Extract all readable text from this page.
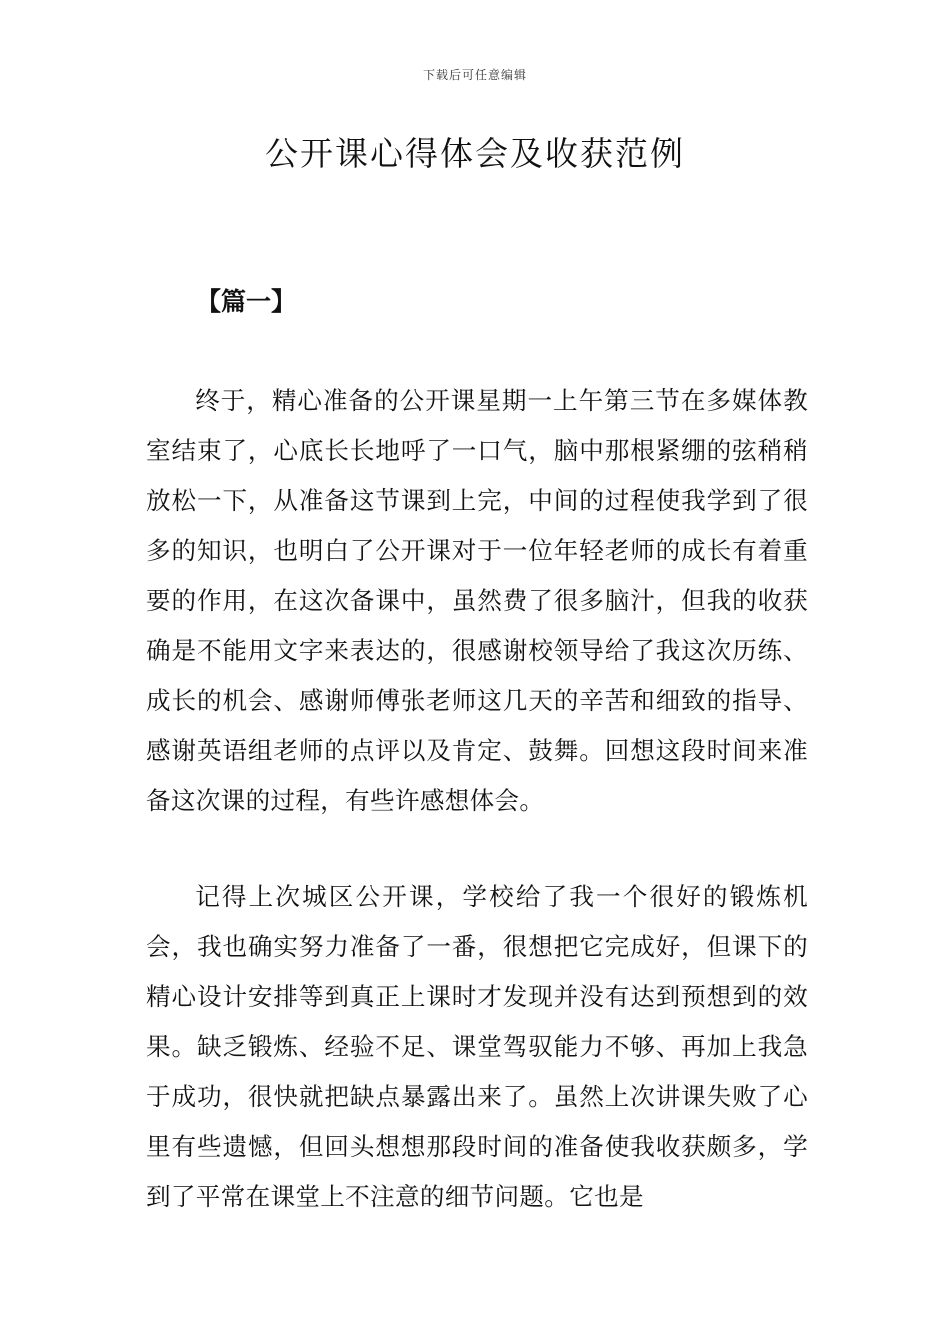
下载后可任意编辑
公开课心得体会及收获范例
【篇一】

终于，精心准备的公开课星期一上午第三节在多媒体教室结束了，心底长长地呼了一口气，脑中那根紧绷的弦稍稍放松一下，从准备这节课到上完，中间的过程使我学到了很多的知识，也明白了公开课对于一位年轻老师的成长有着重要的作用，在这次备课中，虽然费了很多脑汁，但我的收获确是不能用文字来表达的，很感谢校领导给了我这次历练、成长的机会、感谢师傅张老师这几天的辛苦和细致的指导、感谢英语组老师的点评以及肯定、鼓舞。回想这段时间来准备这次课的过程，有些许感想体会。

记得上次城区公开课，学校给了我一个很好的锻炼机会，我也确实努力准备了一番，很想把它完成好，但课下的精心设计安排等到真正上课时才发现并没有达到预想到的效果。缺乏锻炼、经验不足、课堂驾驭能力不够、再加上我急于成功，很快就把缺点暴露出来了。虽然上次讲课失败了心里有些遗憾，但回头想想那段时间的准备使我收获颇多，学到了平常在课堂上不注意的细节问题。它也是
